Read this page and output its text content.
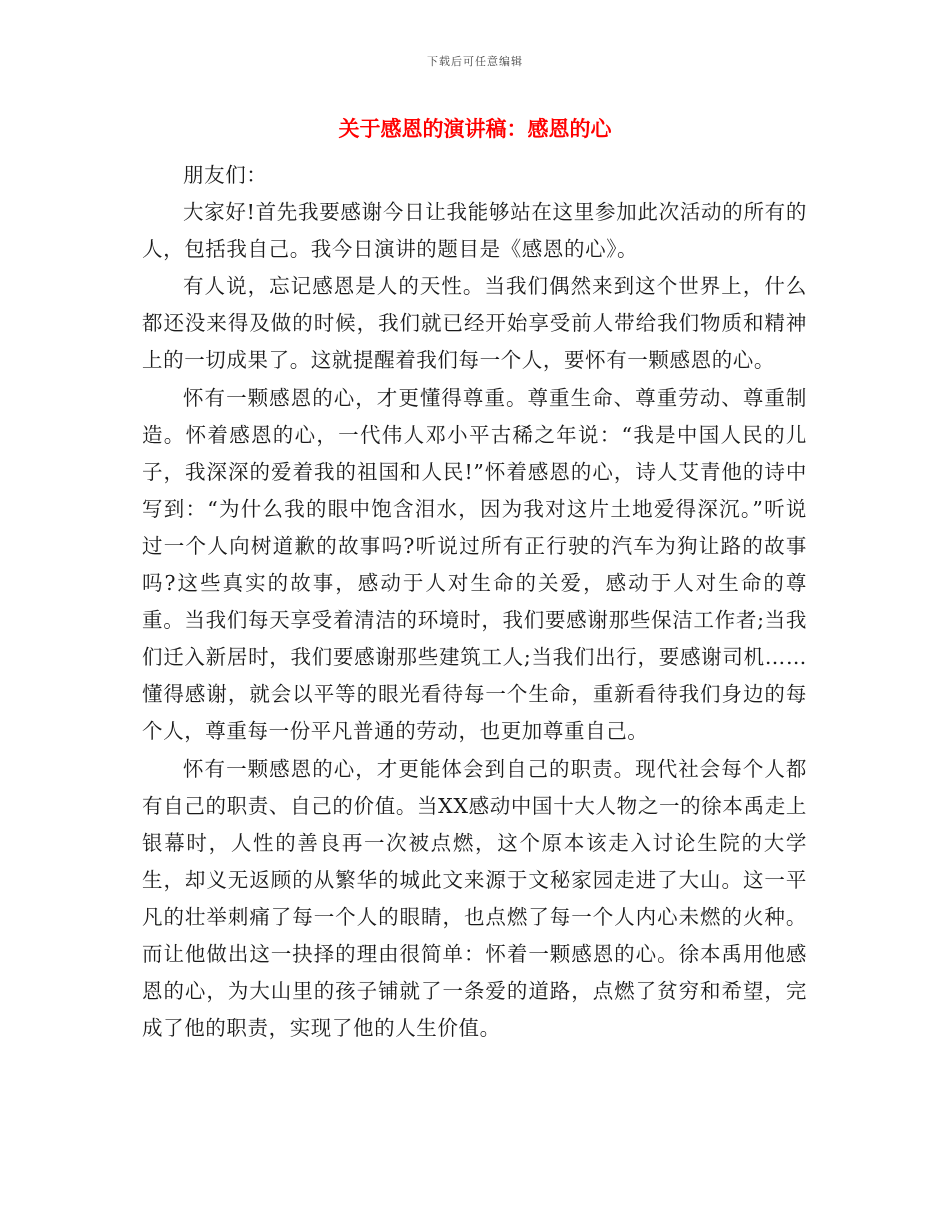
下载后可任意编辑
关于感恩的演讲稿：感恩的心

朋友们：

大家好!首先我要感谢今日让我能够站在这里参加此次活动的所有的人，包括我自己。我今日演讲的题目是《感恩的心》。

有人说，忘记感恩是人的天性。当我们偶然来到这个世界上，什么都还没来得及做的时候，我们就已经开始享受前人带给我们物质和精神上的一切成果了。这就提醒着我们每一个人，要怀有一颗感恩的心。

怀有一颗感恩的心，才更懂得尊重。尊重生命、尊重劳动、尊重制造。怀着感恩的心，一代伟人邓小平古稀之年说：“我是中国人民的儿子，我深深的爱着我的祖国和人民!”怀着感恩的心，诗人艾青他的诗中写到：“为什么我的眼中饱含泪水，因为我对这片土地爱得深沉。”听说过一个人向树道歉的故事吗?听说过所有正行驶的汽车为狗让路的故事吗?这些真实的故事，感动于人对生命的关爱，感动于人对生命的尊重。当我们每天享受着清洁的环境时，我们要感谢那些保洁工作者;当我们迁入新居时，我们要感谢那些建筑工人;当我们出行，要感谢司机……懂得感谢，就会以平等的眼光看待每一个生命，重新看待我们身边的每个人，尊重每一份平凡普通的劳动，也更加尊重自己。

怀有一颗感恩的心，才更能体会到自己的职责。现代社会每个人都有自己的职责、自己的价值。当XX感动中国十大人物之一的徐本禹走上银幕时，人性的善良再一次被点燃，这个原本该走入讨论生院的大学生，却义无返顾的从繁华的城此文来源于文秘家园走进了大山。这一平凡的壮举刺痛了每一个人的眼睛，也点燃了每一个人内心未燃的火种。而让他做出这一抉择的理由很简单：怀着一颗感恩的心。徐本禹用他感恩的心，为大山里的孩子铺就了一条爱的道路，点燃了贫穷和希望，完成了他的职责，实现了他的人生价值。
